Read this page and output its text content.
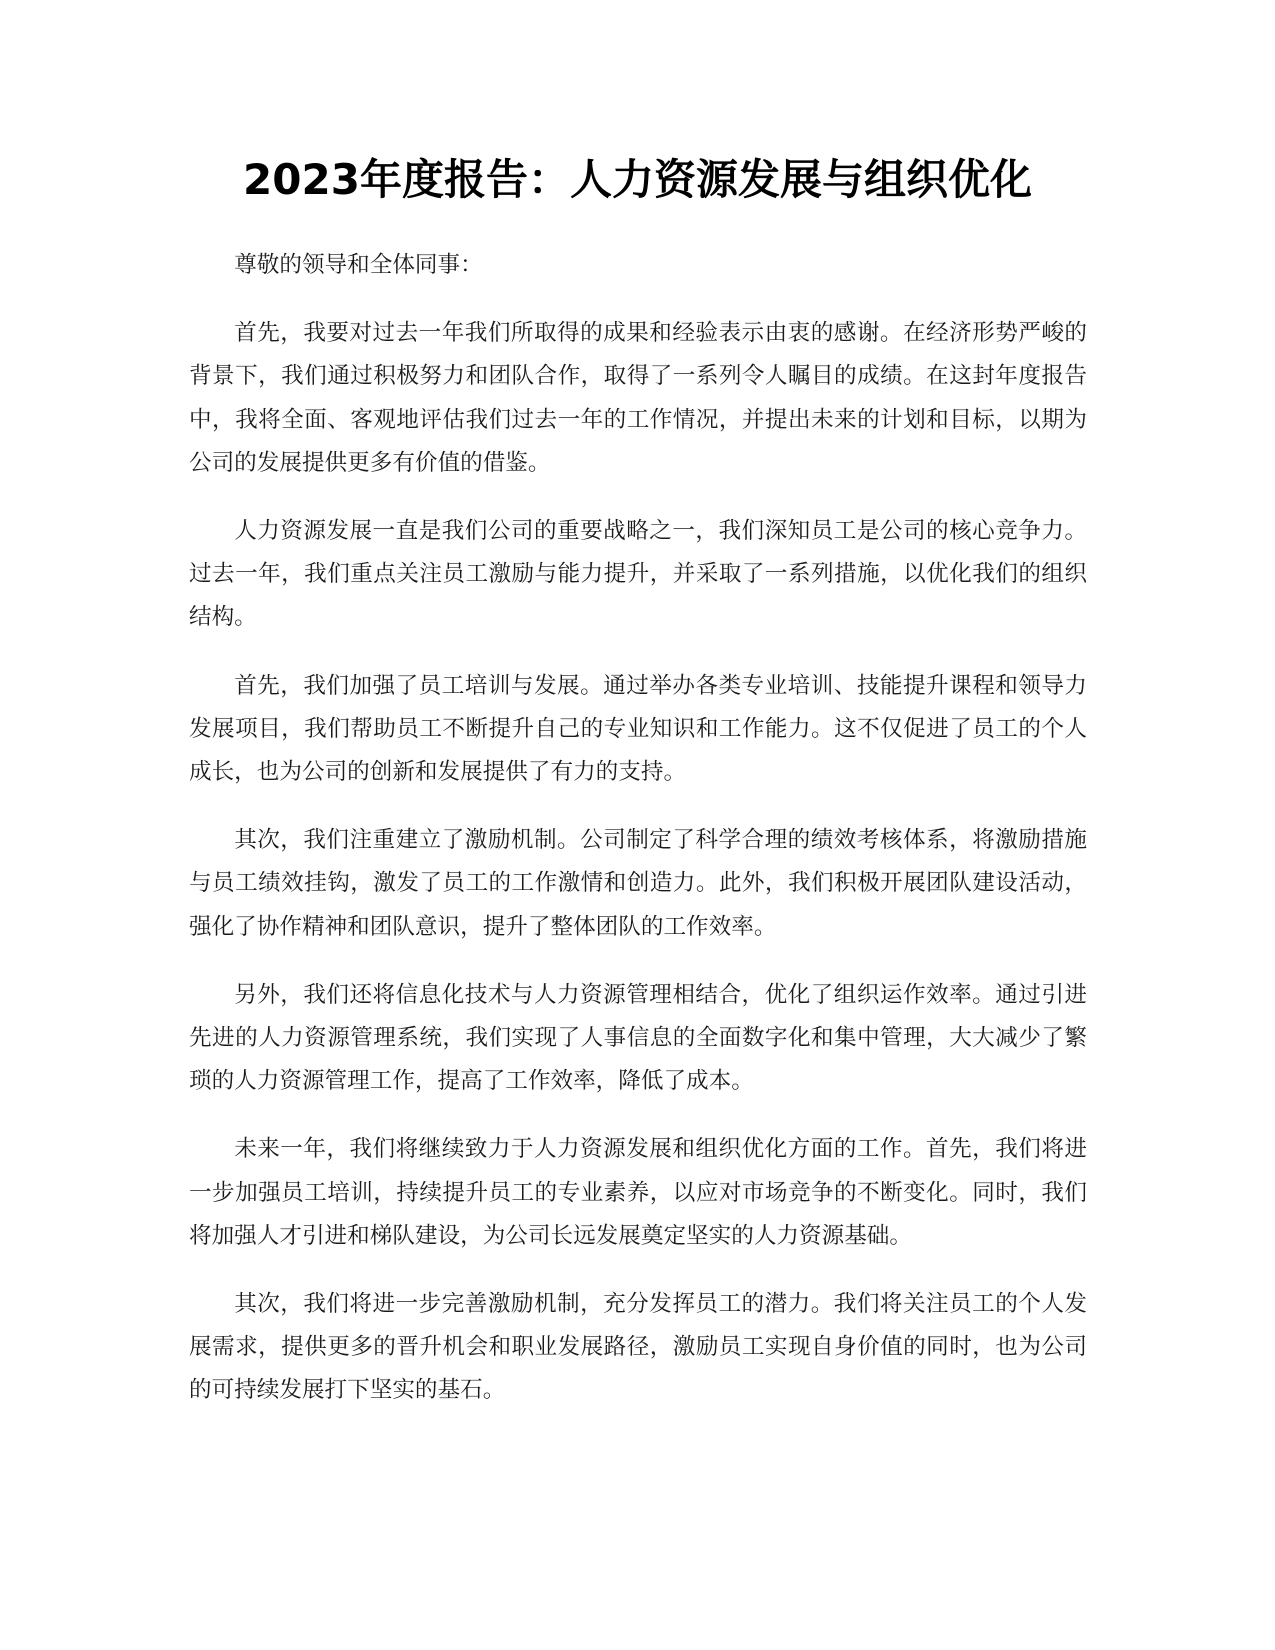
2023年度报告：人力资源发展与组织优化

尊敬的领导和全体同事：

首先，我要对过去一年我们所取得的成果和经验表示由衷的感谢。在经济形势严峻的背景下，我们通过积极努力和团队合作，取得了一系列令人瞩目的成绩。在这封年度报告中，我将全面、客观地评估我们过去一年的工作情况，并提出未来的计划和目标，以期为公司的发展提供更多有价值的借鉴。

人力资源发展一直是我们公司的重要战略之一，我们深知员工是公司的核心竞争力。过去一年，我们重点关注员工激励与能力提升，并采取了一系列措施，以优化我们的组织结构。

首先，我们加强了员工培训与发展。通过举办各类专业培训、技能提升课程和领导力发展项目，我们帮助员工不断提升自己的专业知识和工作能力。这不仅促进了员工的个人成长，也为公司的创新和发展提供了有力的支持。

其次，我们注重建立了激励机制。公司制定了科学合理的绩效考核体系，将激励措施与员工绩效挂钩，激发了员工的工作激情和创造力。此外，我们积极开展团队建设活动，强化了协作精神和团队意识，提升了整体团队的工作效率。

另外，我们还将信息化技术与人力资源管理相结合，优化了组织运作效率。通过引进先进的人力资源管理系统，我们实现了人事信息的全面数字化和集中管理，大大减少了繁琐的人力资源管理工作，提高了工作效率，降低了成本。

未来一年，我们将继续致力于人力资源发展和组织优化方面的工作。首先，我们将进一步加强员工培训，持续提升员工的专业素养，以应对市场竞争的不断变化。同时，我们将加强人才引进和梯队建设，为公司长远发展奠定坚实的人力资源基础。

其次，我们将进一步完善激励机制，充分发挥员工的潜力。我们将关注员工的个人发展需求，提供更多的晋升机会和职业发展路径，激励员工实现自身价值的同时，也为公司的可持续发展打下坚实的基石。
